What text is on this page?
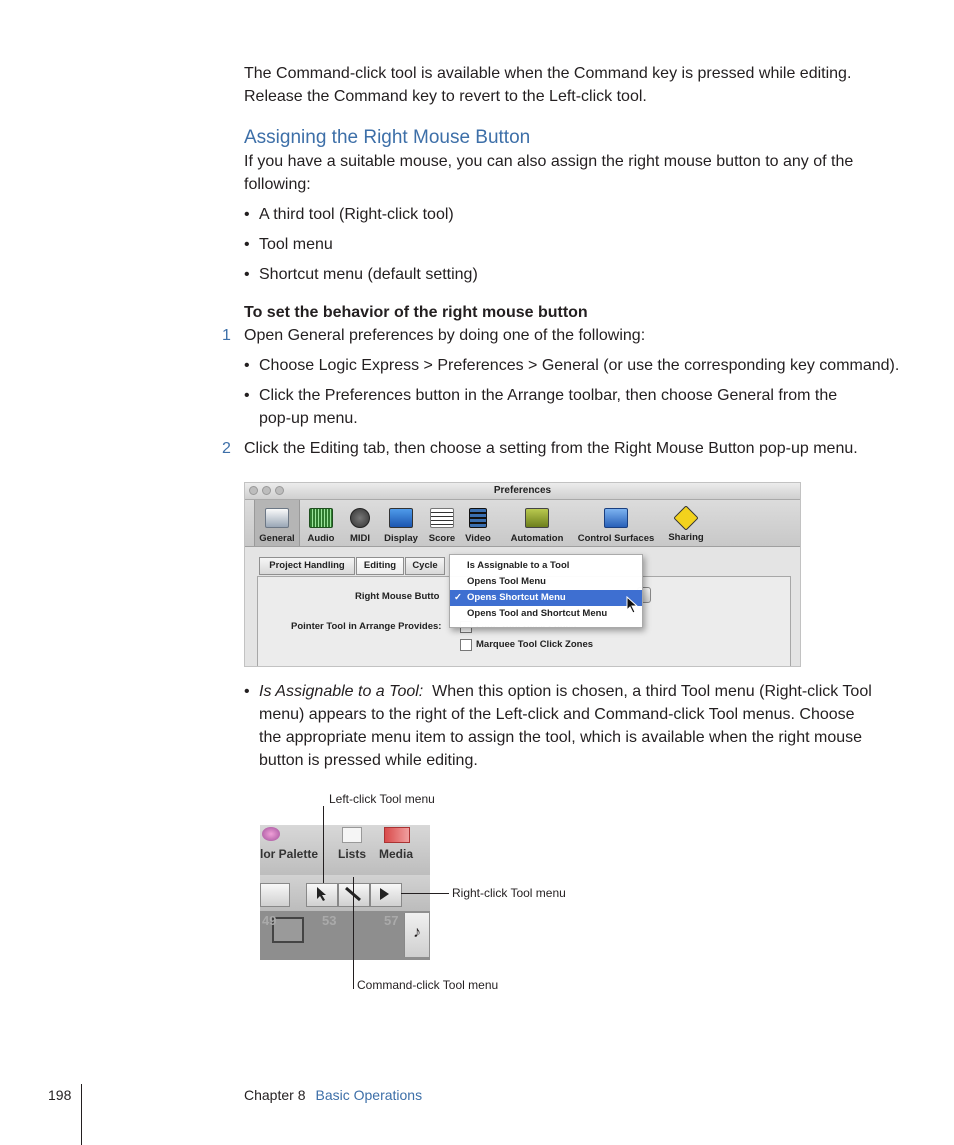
The Command-click tool is available when the Command key is pressed while editing.
Release the Command key to revert to the Left-click tool.
Assigning the Right Mouse Button
If you have a suitable mouse, you can also assign the right mouse button to any of the
following:
• A third tool (Right-click tool)
• Tool menu
• Shortcut menu (default setting)
To set the behavior of the right mouse button
1 Open General preferences by doing one of the following:
• Choose Logic Express > Preferences > General (or use the corresponding key command).
• Click the Preferences button in the Arrange toolbar, then choose General from the
pop-up menu.
2 Click the Editing tab, then choose a setting from the Right Mouse Button pop-up menu.
Preferences
General	Audio	MIDI	Display	Score	Video	Automation	Control Surfaces	Sharing
Project Handling	Editing	Cycle
Right Mouse Butto
Pointer Tool in Arrange Provides:
Marquee Tool Click Zones
Is Assignable to a Tool
Opens Tool Menu
✓ Opens Shortcut Menu
Opens Tool and Shortcut Menu
• Is Assignable to a Tool: When this option is chosen, a third Tool menu (Right-click Tool
menu) appears to the right of the Left-click and Command-click Tool menus. Choose
the appropriate menu item to assign the tool, which is available when the right mouse
button is pressed while editing.
lor Palette Lists Media
49	53	57
♪
Left-click Tool menu
Right-click Tool menu
Command-click Tool menu
198	Chapter 8 Basic Operations
